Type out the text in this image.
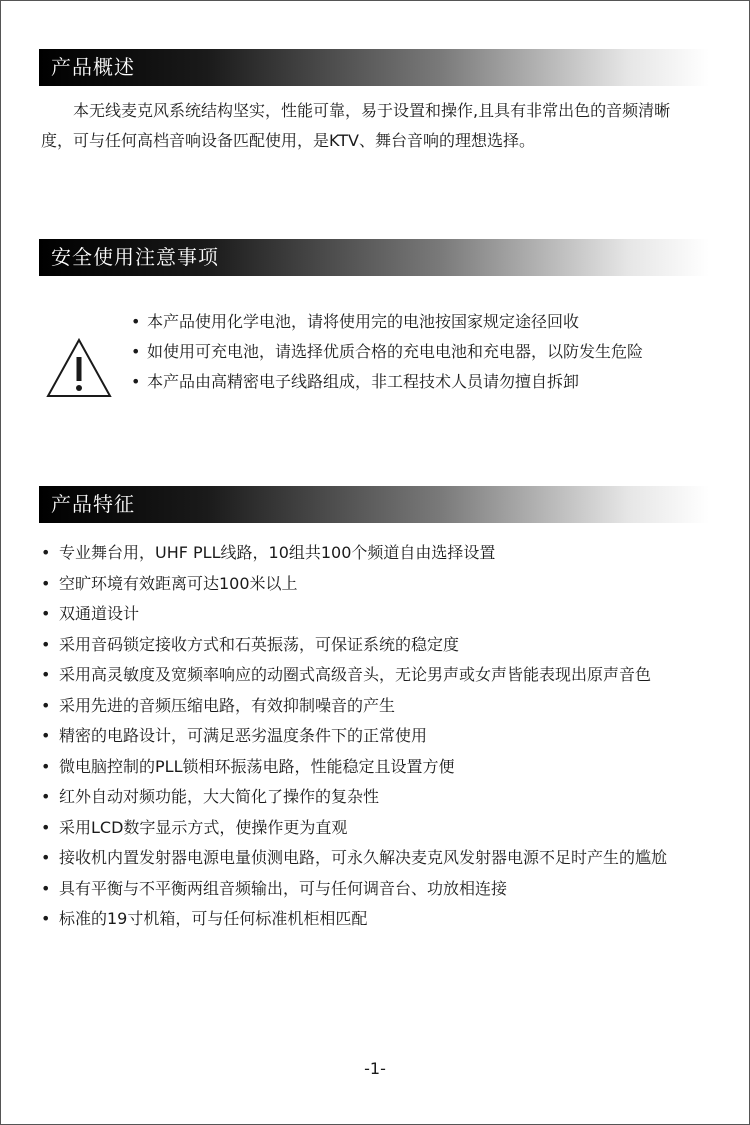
产品概述

本无线麦克风系统结构坚实，性能可靠，易于设置和操作,且具有非常出色的音频清晰度，可与任何高档音响设备匹配使用，是KTV、舞台音响的理想选择。

安全使用注意事项
• 本产品使用化学电池，请将使用完的电池按国家规定途径回收
• 如使用可充电池，请选择优质合格的充电电池和充电器，以防发生危险
• 本产品由高精密电子线路组成，非工程技术人员请勿擅自拆卸
产品特征
• 专业舞台用，UHF PLL线路，10组共100个频道自由选择设置
• 空旷环境有效距离可达100米以上
• 双通道设计
• 采用音码锁定接收方式和石英振荡，可保证系统的稳定度
• 采用高灵敏度及宽频率响应的动圈式高级音头，无论男声或女声皆能表现出原声音色
• 采用先进的音频压缩电路，有效抑制噪音的产生
• 精密的电路设计，可满足恶劣温度条件下的正常使用
• 微电脑控制的PLL锁相环振荡电路，性能稳定且设置方便
• 红外自动对频功能，大大简化了操作的复杂性
• 采用LCD数字显示方式，使操作更为直观
• 接收机内置发射器电源电量侦测电路，可永久解决麦克风发射器电源不足时产生的尴尬
• 具有平衡与不平衡两组音频输出，可与任何调音台、功放相连接
• 标准的19寸机箱，可与任何标准机柜相匹配
-1-
